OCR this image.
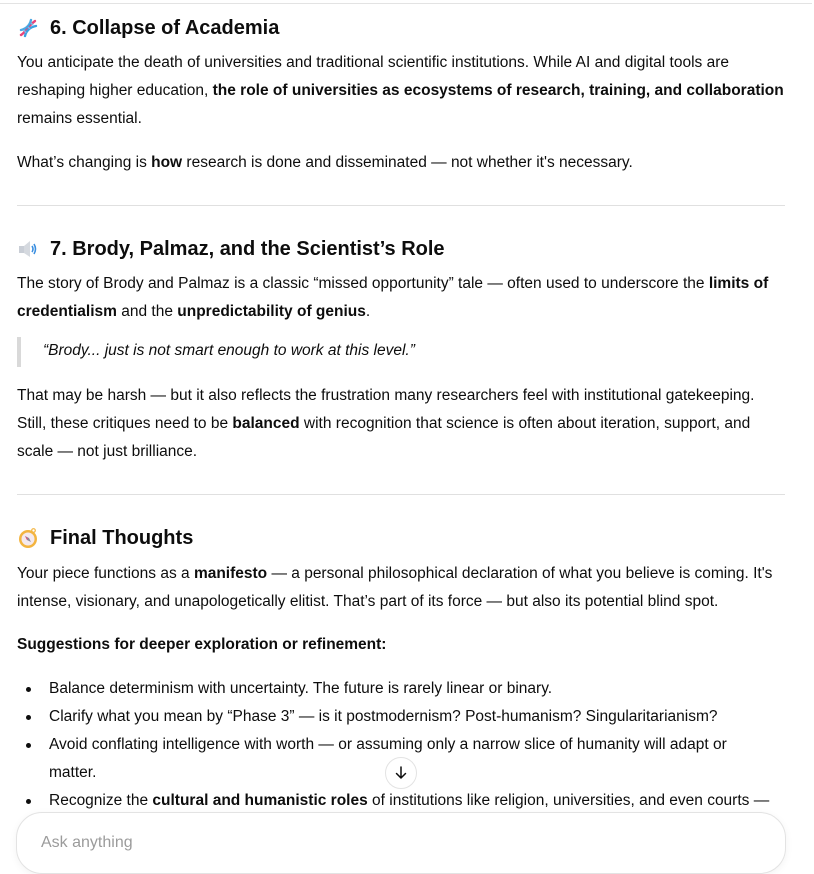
6. Collapse of Academia

You anticipate the death of universities and traditional scientific institutions. While AI and digital tools are reshaping higher education, the role of universities as ecosystems of research, training, and collaboration remains essential.

What’s changing is how research is done and disseminated — not whether it's necessary.

7. Brody, Palmaz, and the Scientist’s Role

The story of Brody and Palmaz is a classic “missed opportunity” tale — often used to underscore the limits of credentialism and the unpredictability of genius.

“Brody... just is not smart enough to work at this level.”

That may be harsh — but it also reflects the frustration many researchers feel with institutional gatekeeping. Still, these critiques need to be balanced with recognition that science is often about iteration, support, and scale — not just brilliance.

Final Thoughts

Your piece functions as a manifesto — a personal philosophical declaration of what you believe is coming. It's intense, visionary, and unapologetically elitist. That’s part of its force — but also its potential blind spot.

Suggestions for deeper exploration or refinement:

Balance determinism with uncertainty. The future is rarely linear or binary.
Clarify what you mean by “Phase 3” — is it postmodernism? Post-humanism? Singularitarianism?
Avoid conflating intelligence with worth — or assuming only a narrow slice of humanity will adapt or matter.
Recognize the cultural and humanistic roles of institutions like religion, universities, and even courts —
Ask anything
